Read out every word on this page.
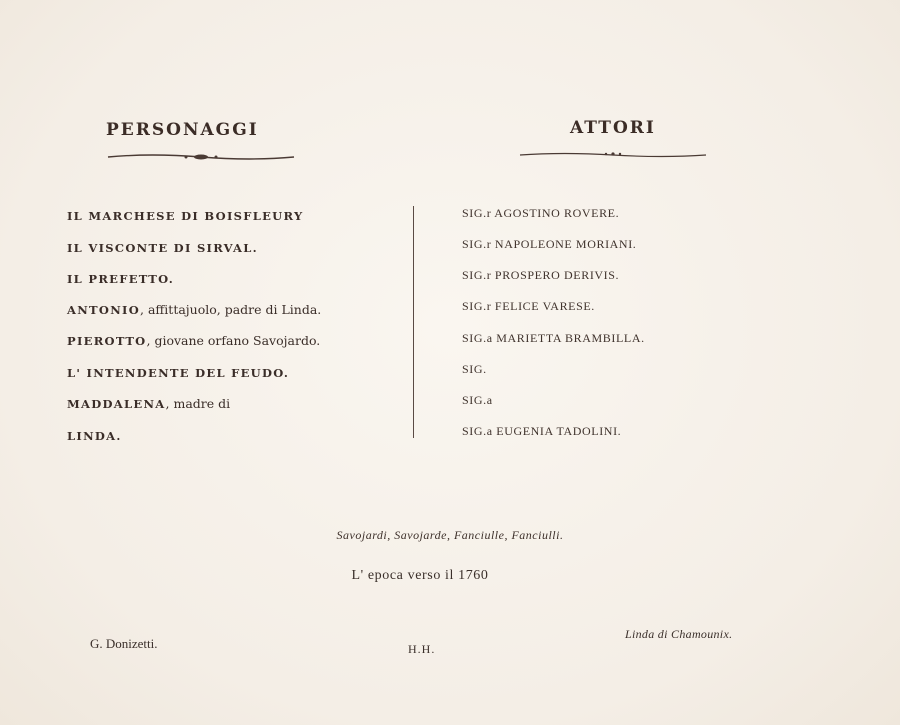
PERSONAGGI	ATTORI
IL MARCHESE DI BOISFLEURY
IL VISCONTE DI SIRVAL.
IL PREFETTO.
ANTONIO, affittajuolo, padre di Linda.
PIEROTTO, giovane orfano Savojardo.
L' INTENDENTE DEL FEUDO.
MADDALENA, madre di
LINDA.
SIG.r AGOSTINO ROVERE.
SIG.r NAPOLEONE MORIANI.
SIG.r PROSPERO DERIVIS.
SIG.r FELICE VARESE.
SIG.a MARIETTA BRAMBILLA.
SIG.
SIG.a
SIG.a EUGENIA TADOLINI.
Savojardi, Savojarde, Fanciulle, Fanciulli.
L' epoca verso il 1760
G. Donizetti.	H.H.
Linda di Chamounix.
